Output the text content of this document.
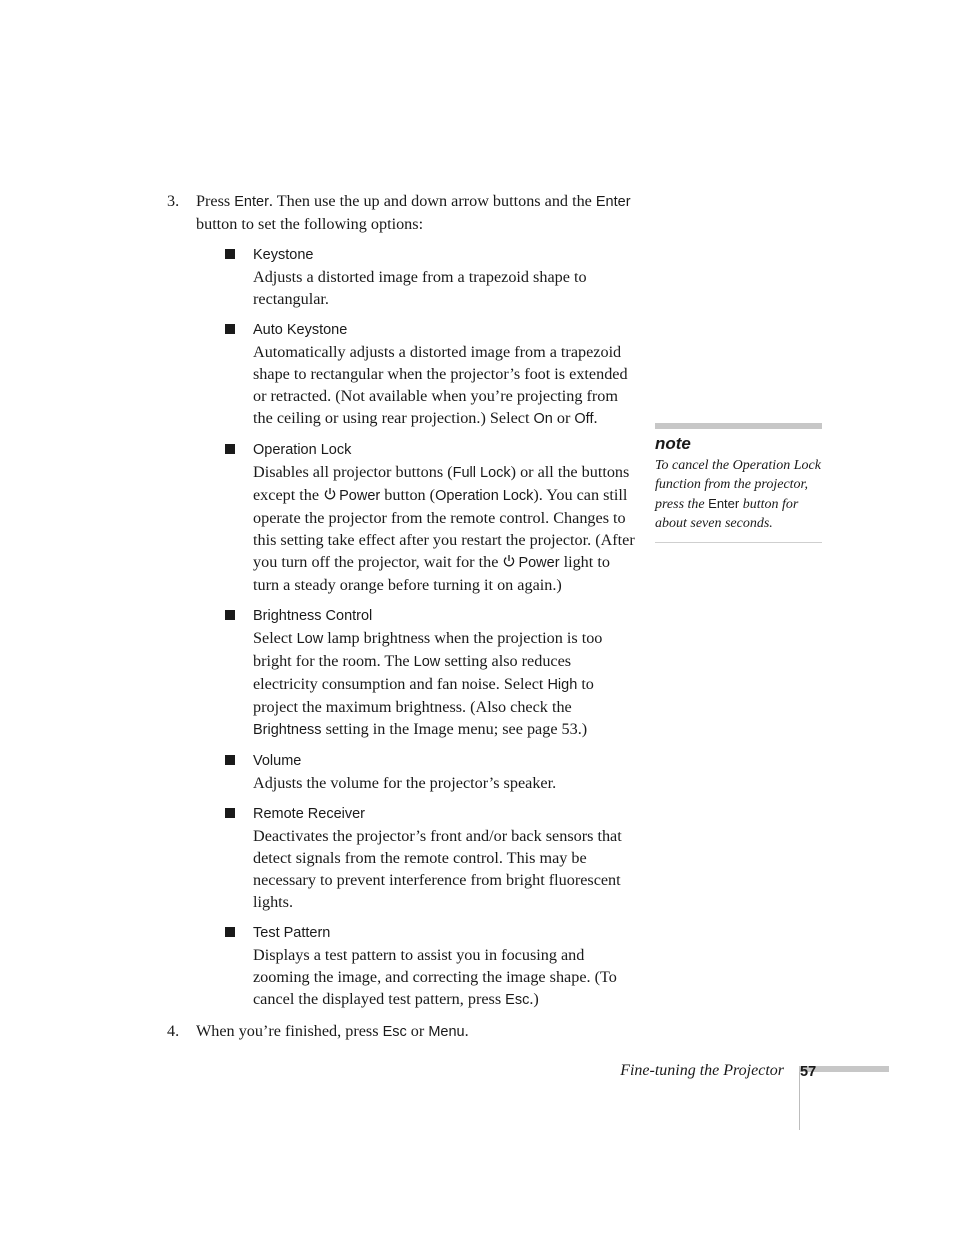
3. Press Enter. Then use the up and down arrow buttons and the Enter button to set the following options:

Keystone
Adjusts a distorted image from a trapezoid shape to rectangular.
Auto Keystone
Automatically adjusts a distorted image from a trapezoid shape to rectangular when the projector’s foot is extended or retracted. (Not available when you’re projecting from the ceiling or using rear projection.) Select On or Off.
Operation Lock
Disables all projector buttons (Full Lock) or all the buttons except the
Power button (Operation Lock). You can still operate the projector from the remote control. Changes to this setting take effect after you restart the projector. (After you turn off the projector, wait for the
Power light to turn a steady orange before turning it on again.)
Brightness Control
Select Low lamp brightness when the projection is too bright for the room. The Low setting also reduces electricity consumption and fan noise. Select High to project the maximum brightness. (Also check the Brightness setting in the Image menu; see page 53.)
Volume
Adjusts the volume for the projector’s speaker.
Remote Receiver
Deactivates the projector’s front and/or back sensors that detect signals from the remote control. This may be necessary to prevent interference from bright fluorescent lights.
Test Pattern
Displays a test pattern to assist you in focusing and zooming the image, and correcting the image shape. (To cancel the displayed test pattern, press Esc.)
4. When you’re finished, press Esc or Menu.

note
To cancel the Operation Lock function from the projector, press the Enter button for about seven seconds.
Fine-tuning the Projector 57
